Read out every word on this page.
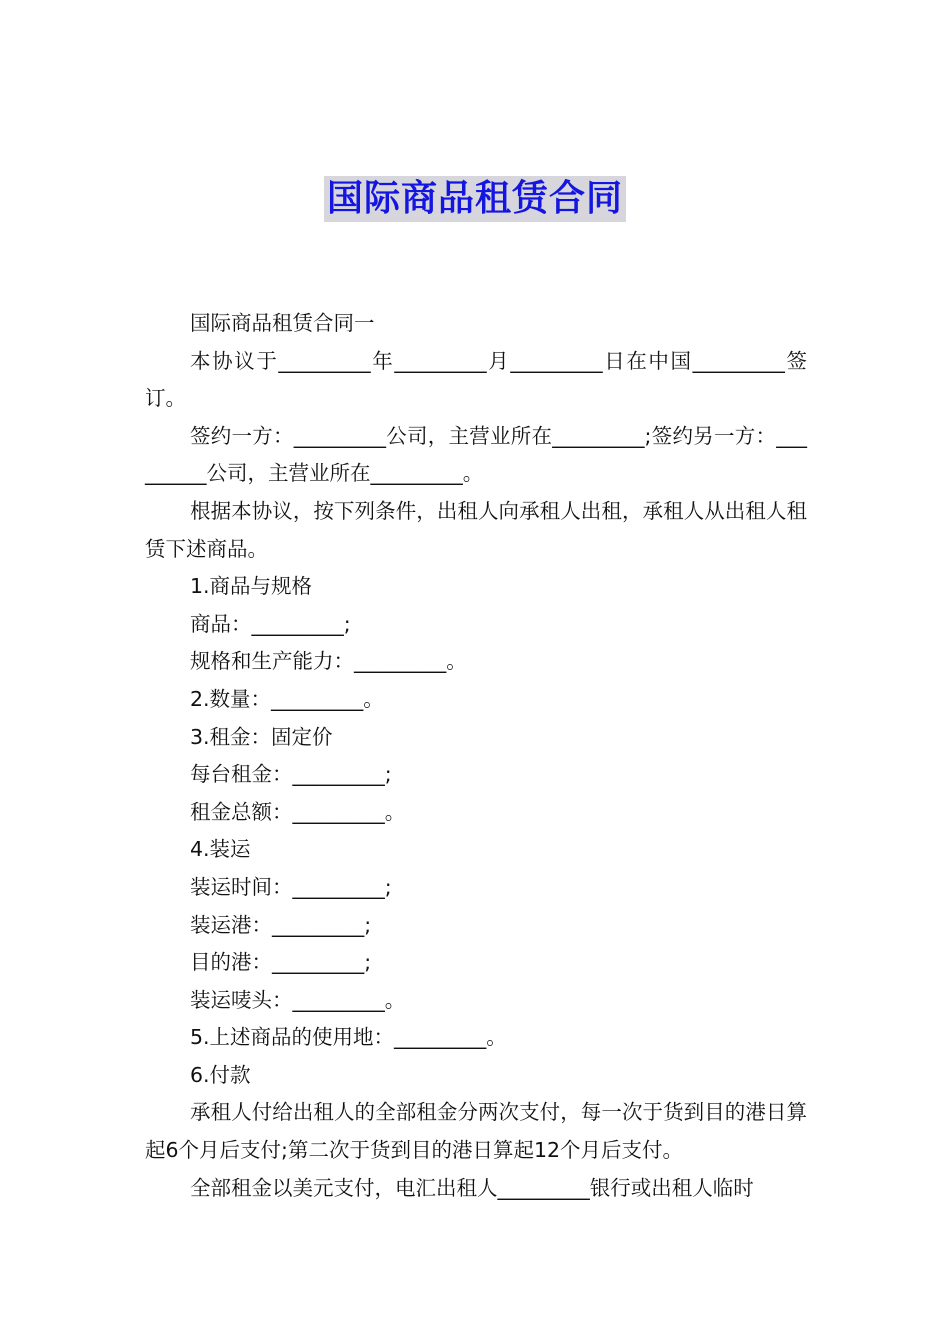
国际商品租赁合同

国际商品租赁合同一

本协议于_________年_________月_________日在中国_________签订。

签约一方：_________公司，主营业所在_________;签约另一方：_________公司，主营业所在_________。

根据本协议，按下列条件，出租人向承租人出租，承租人从出租人租赁下述商品。

1.商品与规格

商品：_________;

规格和生产能力：_________。

2.数量：_________。

3.租金：固定价

每台租金：_________;

租金总额：_________。

4.装运

装运时间：_________;

装运港：_________;

目的港：_________;

装运唛头：_________。

5.上述商品的使用地：_________。

6.付款

承租人付给出租人的全部租金分两次支付，每一次于货到目的港日算起6个月后支付;第二次于货到目的港日算起12个月后支付。

全部租金以美元支付，电汇出租人_________银行或出租人临时
